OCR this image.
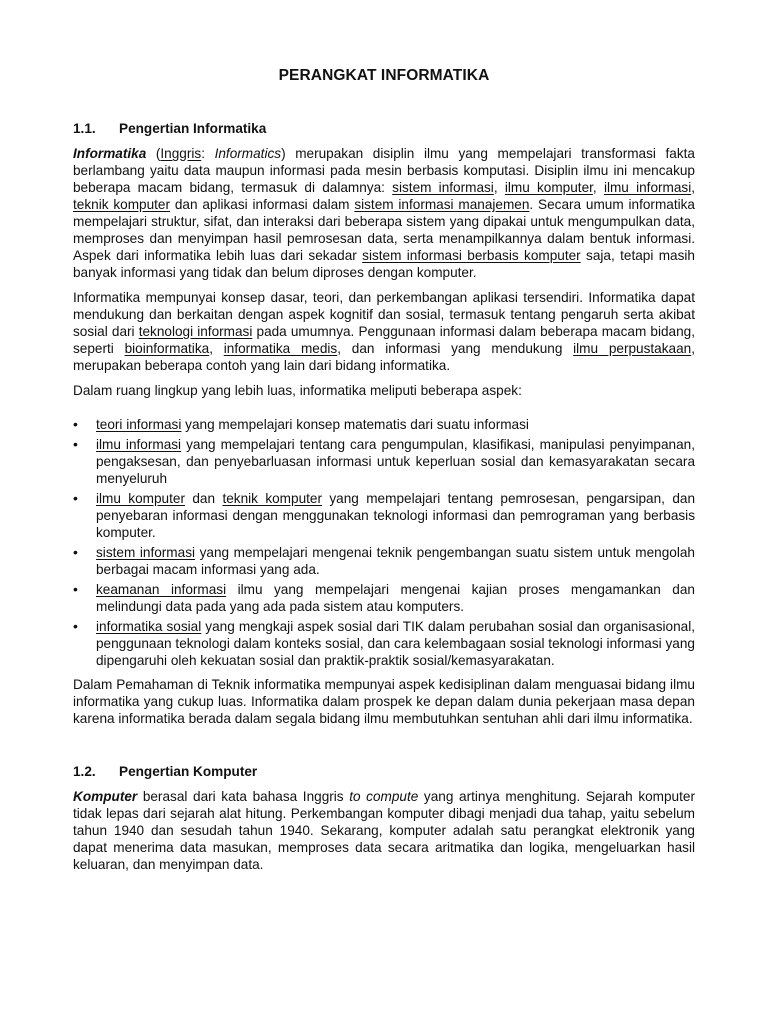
PERANGKAT INFORMATIKA
1.1.	Pengertian Informatika

Informatika (Inggris: Informatics) merupakan disiplin ilmu yang mempelajari transformasi fakta berlambang yaitu data maupun informasi pada mesin berbasis komputasi. Disiplin ilmu ini mencakup beberapa macam bidang, termasuk di dalamnya: sistem informasi, ilmu komputer, ilmu informasi, teknik komputer dan aplikasi informasi dalam sistem informasi manajemen. Secara umum informatika mempelajari struktur, sifat, dan interaksi dari beberapa sistem yang dipakai untuk mengumpulkan data, memproses dan menyimpan hasil pemrosesan data, serta menampilkannya dalam bentuk informasi. Aspek dari informatika lebih luas dari sekadar sistem informasi berbasis komputer saja, tetapi masih banyak informasi yang tidak dan belum diproses dengan komputer.

Informatika mempunyai konsep dasar, teori, dan perkembangan aplikasi tersendiri. Informatika dapat mendukung dan berkaitan dengan aspek kognitif dan sosial, termasuk tentang pengaruh serta akibat sosial dari teknologi informasi pada umumnya. Penggunaan informasi dalam beberapa macam bidang, seperti bioinformatika, informatika medis, dan informasi yang mendukung ilmu perpustakaan, merupakan beberapa contoh yang lain dari bidang informatika.

Dalam ruang lingkup yang lebih luas, informatika meliputi beberapa aspek:

•	teori informasi yang mempelajari konsep matematis dari suatu informasi
•	ilmu informasi yang mempelajari tentang cara pengumpulan, klasifikasi, manipulasi penyimpanan, pengaksesan, dan penyebarluasan informasi untuk keperluan sosial dan kemasyarakatan secara menyeluruh
•	ilmu komputer dan teknik komputer yang mempelajari tentang pemrosesan, pengarsipan, dan penyebaran informasi dengan menggunakan teknologi informasi dan pemrograman yang berbasis komputer.
•	sistem informasi yang mempelajari mengenai teknik pengembangan suatu sistem untuk mengolah berbagai macam informasi yang ada.
•	keamanan informasi ilmu yang mempelajari mengenai kajian proses mengamankan dan melindungi data pada yang ada pada sistem atau komputers.
•	informatika sosial yang mengkaji aspek sosial dari TIK dalam perubahan sosial dan organisasional, penggunaan teknologi dalam konteks sosial, dan cara kelembagaan sosial teknologi informasi yang dipengaruhi oleh kekuatan sosial dan praktik-praktik sosial/kemasyarakatan.

Dalam Pemahaman di Teknik informatika mempunyai aspek kedisiplinan dalam menguasai bidang ilmu informatika yang cukup luas. Informatika dalam prospek ke depan dalam dunia pekerjaan masa depan karena informatika berada dalam segala bidang ilmu membutuhkan sentuhan ahli dari ilmu informatika.

1.2.	Pengertian Komputer

Komputer berasal dari kata bahasa Inggris to compute yang artinya menghitung. Sejarah komputer tidak lepas dari sejarah alat hitung. Perkembangan komputer dibagi menjadi dua tahap, yaitu sebelum tahun 1940 dan sesudah tahun 1940. Sekarang, komputer adalah satu perangkat elektronik yang dapat menerima data masukan, memproses data secara aritmatika dan logika, mengeluarkan hasil keluaran, dan menyimpan data.
